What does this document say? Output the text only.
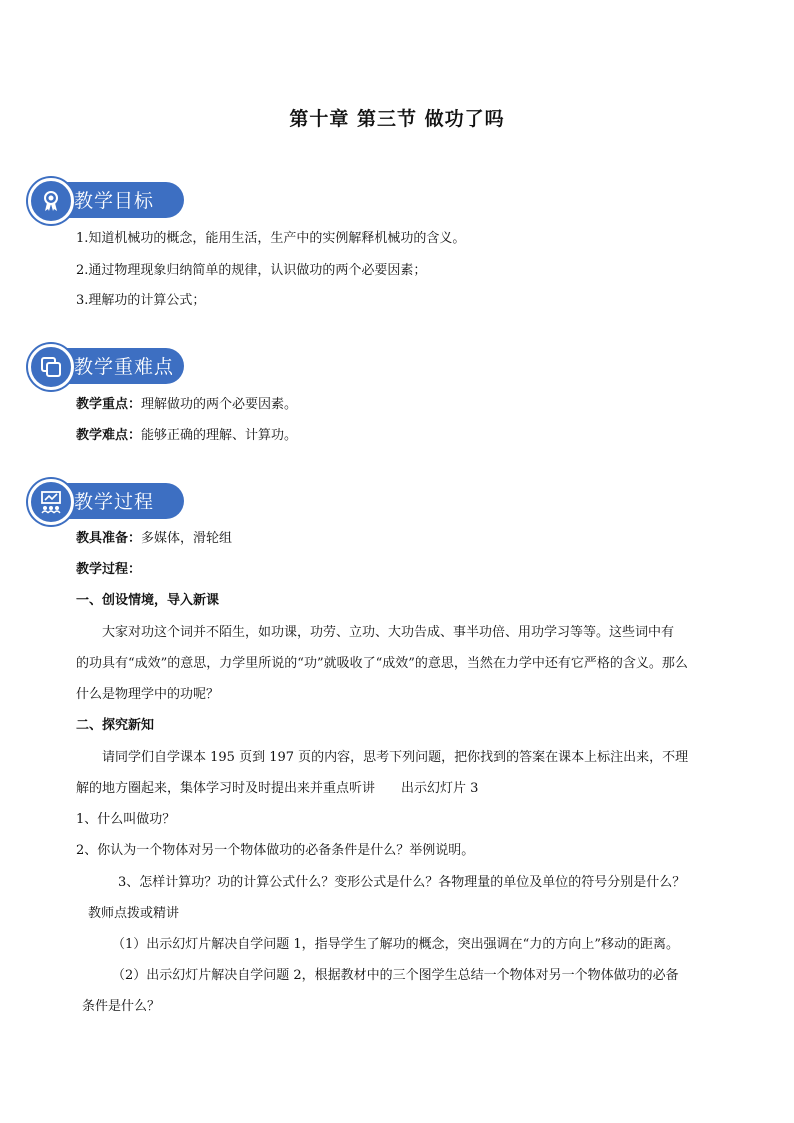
第十章 第三节 做功了吗
教学目标
1.知道机械功的概念，能用生活，生产中的实例解释机械功的含义。
2.通过物理现象归纳简单的规律，认识做功的两个必要因素；
3.理解功的计算公式；
教学重难点
教学重点：理解做功的两个必要因素。
教学难点：能够正确的理解、计算功。
教学过程
教具准备：多媒体，滑轮组
教学过程：
一、创设情境，导入新课
大家对功这个词并不陌生，如功课，功劳、立功、大功告成、事半功倍、用功学习等等。这些词中有
的功具有“成效”的意思，力学里所说的“功”就吸收了“成效”的意思，当然在力学中还有它严格的含义。那么
什么是物理学中的功呢？
二、探究新知
请同学们自学课本 195 页到 197 页的内容，思考下列问题，把你找到的答案在课本上标注出来，不理
解的地方圈起来，集体学习时及时提出来并重点听讲　　出示幻灯片 3
1、什么叫做功？
2、你认为一个物体对另一个物体做功的必备条件是什么？举例说明。
3、怎样计算功？功的计算公式什么？变形公式是什么？各物理量的单位及单位的符号分别是什么？
教师点拨或精讲
（1）出示幻灯片解决自学问题 1，指导学生了解功的概念，突出强调在“力的方向上”移动的距离。
（2）出示幻灯片解决自学问题 2，根据教材中的三个图学生总结一个物体对另一个物体做功的必备
条件是什么？
